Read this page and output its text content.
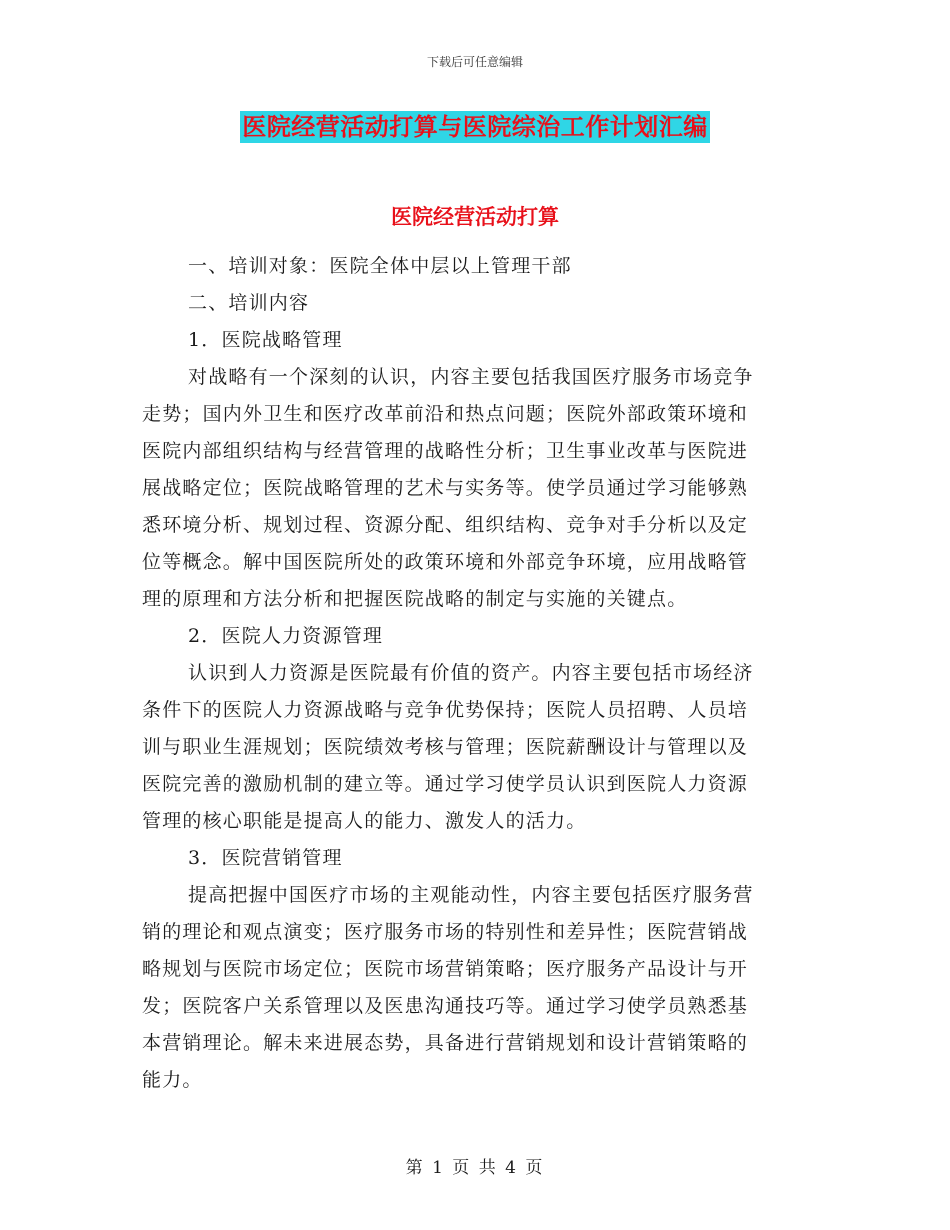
下载后可任意编辑
医院经营活动打算与医院综治工作计划汇编
医院经营活动打算
一、培训对象：医院全体中层以上管理干部
二、培训内容
1．医院战略管理
对战略有一个深刻的认识，内容主要包括我国医疗服务市场竞争
走势；国内外卫生和医疗改革前沿和热点问题；医院外部政策环境和
医院内部组织结构与经营管理的战略性分析；卫生事业改革与医院进
展战略定位；医院战略管理的艺术与实务等。使学员通过学习能够熟
悉环境分析、规划过程、资源分配、组织结构、竞争对手分析以及定
位等概念。解中国医院所处的政策环境和外部竞争环境，应用战略管
理的原理和方法分析和把握医院战略的制定与实施的关键点。
2．医院人力资源管理
认识到人力资源是医院最有价值的资产。内容主要包括市场经济
条件下的医院人力资源战略与竞争优势保持；医院人员招聘、人员培
训与职业生涯规划；医院绩效考核与管理；医院薪酬设计与管理以及
医院完善的激励机制的建立等。通过学习使学员认识到医院人力资源
管理的核心职能是提高人的能力、激发人的活力。
3．医院营销管理
提高把握中国医疗市场的主观能动性，内容主要包括医疗服务营
销的理论和观点演变；医疗服务市场的特别性和差异性；医院营销战
略规划与医院市场定位；医院市场营销策略；医疗服务产品设计与开
发；医院客户关系管理以及医患沟通技巧等。通过学习使学员熟悉基
本营销理论。解未来进展态势，具备进行营销规划和设计营销策略的
能力。
第 1 页 共 4 页
